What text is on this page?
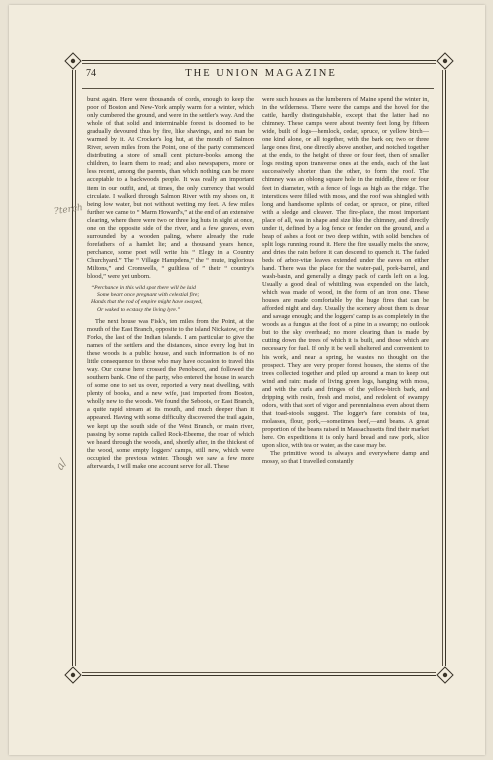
74	THE UNION MAGAZINE
?terch
a/

burst again. Here were thousands of cords, enough to keep the poor of Boston and New-York amply warm for a winter, which only cumbered the ground, and were in the settler's way. And the whole of that solid and interminable forest is doomed to be gradually devoured thus by fire, like shavings, and no man be warmed by it. At Crocker's log hut, at the mouth of Salmon River, seven miles from the Point, one of the party commenced distributing a store of small cent picture-books among the children, to learn them to read; and also newspapers, more or less recent, among the parents, than which nothing can be more acceptable to a backwoods people. It was really an important item in our outfit, and, at times, the only currency that would circulate. I walked through Salmon River with my shoes on, it being low water, but not without wetting my feet. A few miles further we came to “ Marm Howard's,” at the end of an extensive clearing, where there were two or three log huts in sight at once, one on the opposite side of the river, and a few graves, even surrounded by a wooden paling, where already the rude forefathers of a hamlet lie; and a thousand years hence, perchance, some poet will write his “ Elegy in a Country Churchyard.” The “ Village Hampdens,” the “ mute, inglorious Miltons,” and Cromwells, “ guiltless of ” their “ country's blood,” were yet unborn.

“Perchance in this wild spot there will be laid
Some heart once pregnant with celestial fire;
Hands that the rod of empire might have swayed,
Or waked to ecstasy the living lyre.”

The next house was Fisk's, ten miles from the Point, at the mouth of the East Branch, opposite to the island Nickatow, or the Forks, the last of the Indian islands. I am particular to give the names of the settlers and the distances, since every log hut in these woods is a public house, and such information is of no little consequence to those who may have occasion to travel this way. Our course here crossed the Penobscot, and followed the southern bank. One of the party, who entered the house in search of some one to set us over, reported a very neat dwelling, with plenty of books, and a new wife, just imported from Boston, wholly new to the woods. We found the Seboois, or East Branch, a quite rapid stream at its mouth, and much deeper than it appeared. Having with some difficulty discovered the trail again, we kept up the south side of the West Branch, or main river, passing by some rapids called Rock-Ebeeme, the roar of which we heard through the woods, and, shortly after, in the thickest of the wood, some empty loggers' camps, still new, which were occupied the previous winter. Though we saw a few more afterwards, I will make one account serve for all. These

were such houses as the lumberers of Maine spend the winter in, in the wilderness. There were the camps and the hovel for the cattle, hardly distinguishable, except that the latter had no chimney. These camps were about twenty feet long by fifteen wide, built of logs—hemlock, cedar, spruce, or yellow birch—one kind alone, or all together, with the bark on; two or three large ones first, one directly above another, and notched together at the ends, to the height of three or four feet, then of smaller logs resting upon transverse ones at the ends, each of the last successively shorter than the other, to form the roof. The chimney was an oblong square hole in the middle, three or four feet in diameter, with a fence of logs as high as the ridge. The interstices were filled with moss, and the roof was shingled with long and handsome splints of cedar, or spruce, or pine, rifted with a sledge and cleaver. The fire-place, the most important place of all, was in shape and size like the chimney, and directly under it, defined by a log fence or fender on the ground, and a heap of ashes a foot or two deep within, with solid benches of split logs running round it. Here the fire usually melts the snow, and dries the rain before it can descend to quench it. The faded beds of arbor-vitæ leaves extended under the eaves on either hand. There was the place for the water-pail, pork-barrel, and wash-basin, and generally a dingy pack of cards left on a log. Usually a good deal of whittling was expended on the latch, which was made of wood, in the form of an iron one. These houses are made comfortable by the huge fires that can be afforded night and day. Usually the scenery about them is drear and savage enough; and the loggers' camp is as completely in the woods as a fungus at the foot of a pine in a swamp; no outlook but to the sky overhead; no more clearing than is made by cutting down the trees of which it is built, and those which are necessary for fuel. If only it be well sheltered and convenient to his work, and near a spring, he wastes no thought on the prospect. They are very proper forest houses, the stems of the trees collected together and piled up around a man to keep out wind and rain: made of living green logs, hanging with moss, and with the curls and fringes of the yellow-birch bark, and dripping with resin, fresh and moist, and redolent of swampy odors, with that sort of vigor and perennialness even about them that toad-stools suggest. The logger's fare consists of tea, molasses, flour, pork,—sometimes beef,—and beans. A great proportion of the beans raised in Massachusetts find their market here. On expeditions it is only hard bread and raw pork, slice upon slice, with tea or water, as the case may be.

The primitive wood is always and everywhere damp and mossy, so that I travelled constantly
